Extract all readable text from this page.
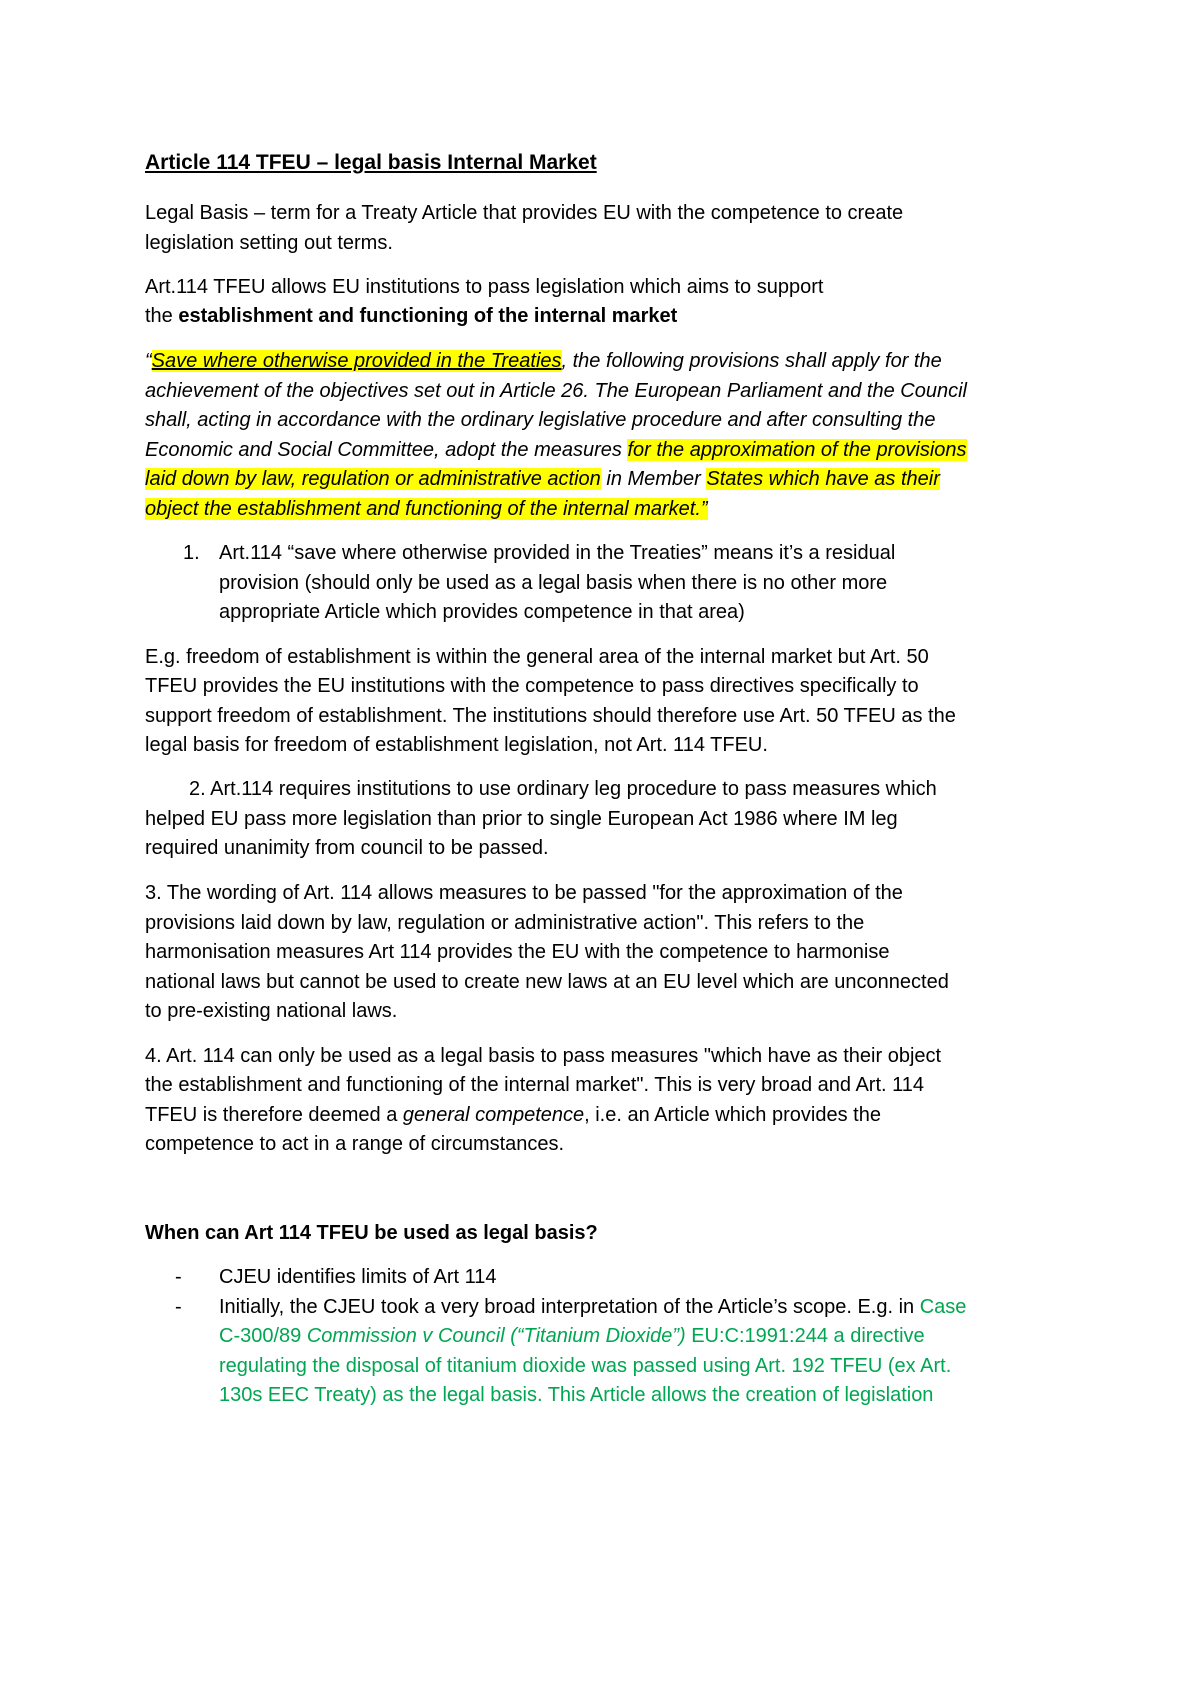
Article 114 TFEU – legal basis Internal Market
Legal Basis – term for a Treaty Article that provides EU with the competence to create
legislation setting out terms.
Art.114 TFEU allows EU institutions to pass legislation which aims to support
the establishment and functioning of the internal market
“Save where otherwise provided in the Treaties, the following provisions shall apply for the
achievement of the objectives set out in Article 26. The European Parliament and the Council
shall, acting in accordance with the ordinary legislative procedure and after consulting the
Economic and Social Committee, adopt the measures for the approximation of the provisions
laid down by law, regulation or administrative action in Member States which have as their
object the establishment and functioning of the internal market.”
1. Art.114 “save where otherwise provided in the Treaties” means it’s a residual
provision (should only be used as a legal basis when there is no other more
appropriate Article which provides competence in that area)
E.g. freedom of establishment is within the general area of the internal market but Art. 50
TFEU provides the EU institutions with the competence to pass directives specifically to
support freedom of establishment. The institutions should therefore use Art. 50 TFEU as the
legal basis for freedom of establishment legislation, not Art. 114 TFEU.
2. Art.114 requires institutions to use ordinary leg procedure to pass measures which
helped EU pass more legislation than prior to single European Act 1986 where IM leg
required unanimity from council to be passed.
3. The wording of Art. 114 allows measures to be passed "for the approximation of the
provisions laid down by law, regulation or administrative action". This refers to the
harmonisation measures Art 114 provides the EU with the competence to harmonise
national laws but cannot be used to create new laws at an EU level which are unconnected
to pre-existing national laws.
4. Art. 114 can only be used as a legal basis to pass measures "which have as their object
the establishment and functioning of the internal market". This is very broad and Art. 114
TFEU is therefore deemed a general competence, i.e. an Article which provides the
competence to act in a range of circumstances.
When can Art 114 TFEU be used as legal basis?
- CJEU identifies limits of Art 114
- Initially, the CJEU took a very broad interpretation of the Article’s scope. E.g. in Case
C-300/89 Commission v Council (“Titanium Dioxide”) EU:C:1991:244 a directive
regulating the disposal of titanium dioxide was passed using Art. 192 TFEU (ex Art.
130s EEC Treaty) as the legal basis. This Article allows the creation of legislation
